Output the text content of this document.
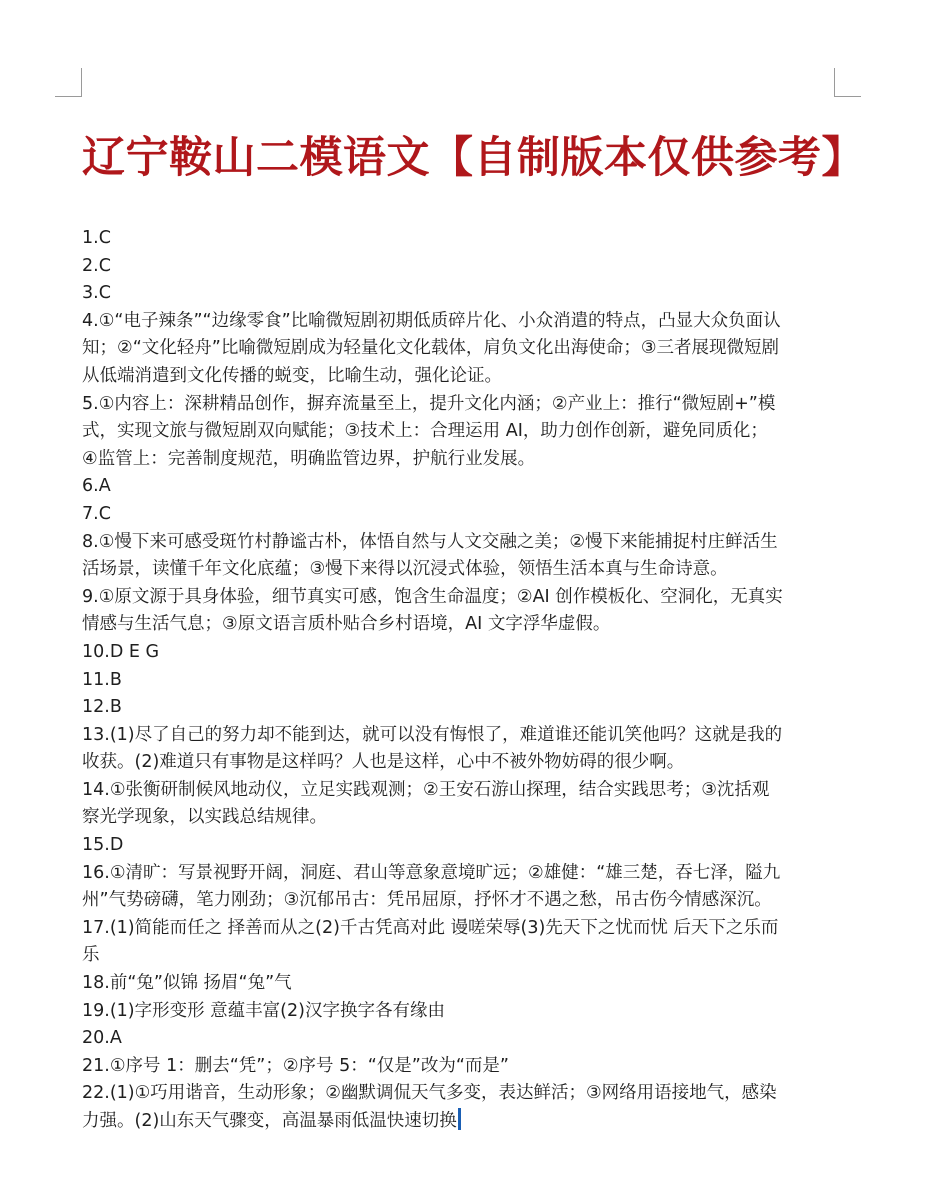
辽宁鞍山二模语文【自制版本仅供参考】
1.C
2.C
3.C
4.①“电子辣条”“边缘零食”比喻微短剧初期低质碎片化、小众消遣的特点，凸显大众负面认
知；②“文化轻舟”比喻微短剧成为轻量化文化载体，肩负文化出海使命；③三者展现微短剧
从低端消遣到文化传播的蜕变，比喻生动，强化论证。
5.①内容上：深耕精品创作，摒弃流量至上，提升文化内涵；②产业上：推行“微短剧+”模
式，实现文旅与微短剧双向赋能；③技术上：合理运用 AI，助力创作创新，避免同质化；
④监管上：完善制度规范，明确监管边界，护航行业发展。
6.A
7.C
8.①慢下来可感受斑竹村静谧古朴，体悟自然与人文交融之美；②慢下来能捕捉村庄鲜活生
活场景，读懂千年文化底蕴；③慢下来得以沉浸式体验，领悟生活本真与生命诗意。
9.①原文源于具身体验，细节真实可感，饱含生命温度；②AI 创作模板化、空洞化，无真实
情感与生活气息；③原文语言质朴贴合乡村语境，AI 文字浮华虚假。
10.D E G
11.B
12.B
13.(1)尽了自己的努力却不能到达，就可以没有悔恨了，难道谁还能讥笑他吗？这就是我的
收获。(2)难道只有事物是这样吗？人也是这样，心中不被外物妨碍的很少啊。
14.①张衡研制候风地动仪，立足实践观测；②王安石游山探理，结合实践思考；③沈括观
察光学现象，以实践总结规律。
15.D
16.①清旷：写景视野开阔，洞庭、君山等意象意境旷远；②雄健：“雄三楚，吞七泽，隘九
州”气势磅礴，笔力刚劲；③沉郁吊古：凭吊屈原，抒怀才不遇之愁，吊古伤今情感深沉。
17.(1)简能而任之 择善而从之(2)千古凭高对此 谩嗟荣辱(3)先天下之忧而忧 后天下之乐而
乐
18.前“兔”似锦 扬眉“兔”气
19.(1)字形变形 意蕴丰富(2)汉字换字各有缘由
20.A
21.①序号 1：删去“凭”；②序号 5：“仅是”改为“而是”
22.(1)①巧用谐音，生动形象；②幽默调侃天气多变，表达鲜活；③网络用语接地气，感染
力强。(2)山东天气骤变，高温暴雨低温快速切换
